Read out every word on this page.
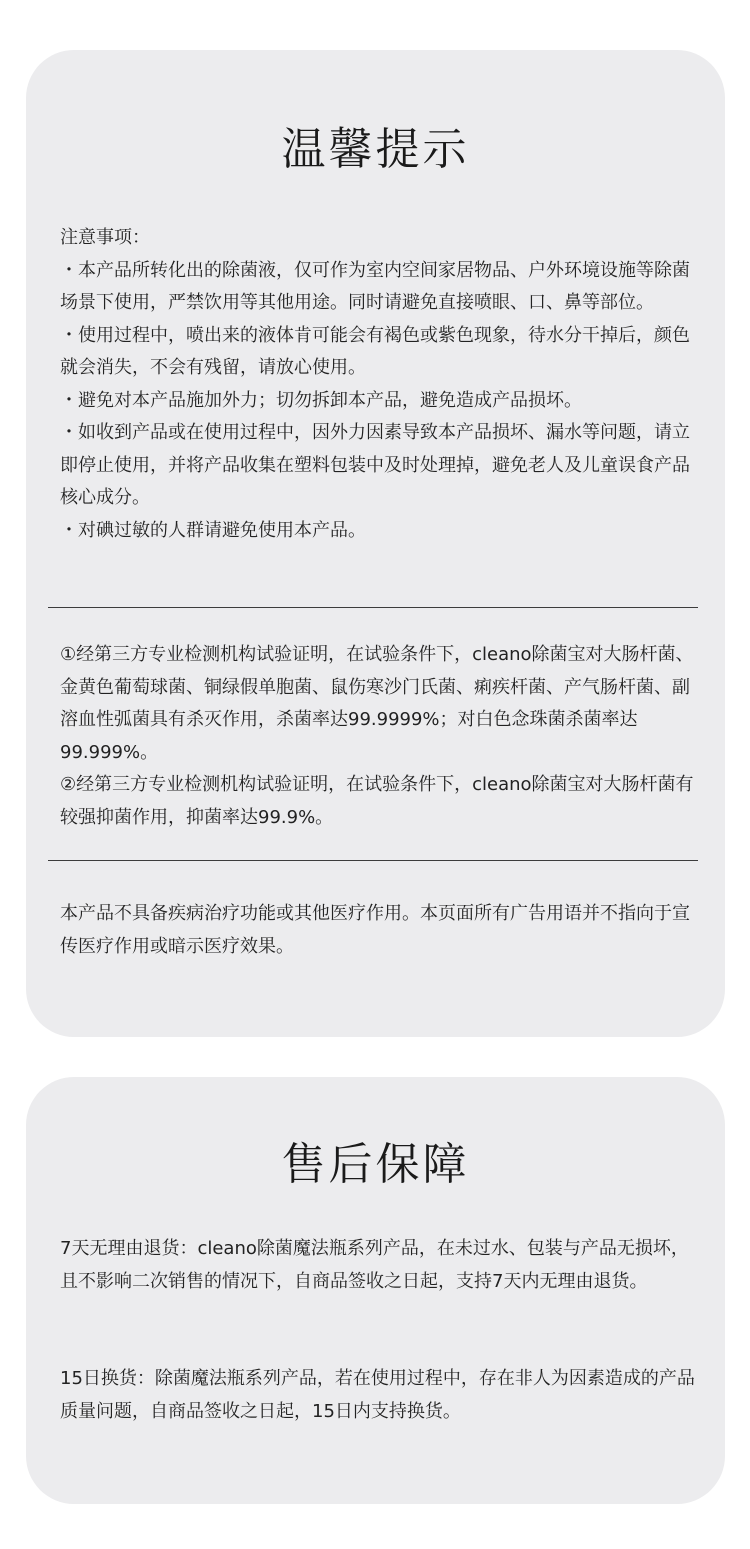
温馨提示

注意事项：

・本产品所转化出的除菌液，仅可作为室内空间家居物品、户外环境设施等除菌场景下使用，严禁饮用等其他用途。同时请避免直接喷眼、口、鼻等部位。

・使用过程中，喷出来的液体肯可能会有褐色或紫色现象，待水分干掉后，颜色就会消失，不会有残留，请放心使用。

・避免对本产品施加外力；切勿拆卸本产品，避免造成产品损坏。

・如收到产品或在使用过程中，因外力因素导致本产品损坏、漏水等问题，请立即停止使用，并将产品收集在塑料包装中及时处理掉，避免老人及儿童误食产品核心成分。

・对碘过敏的人群请避免使用本产品。

①经第三方专业检测机构试验证明，在试验条件下，cleano除菌宝对大肠杆菌、金黄色葡萄球菌、铜绿假单胞菌、鼠伤寒沙门氏菌、痢疾杆菌、产气肠杆菌、副溶血性弧菌具有杀灭作用，杀菌率达99.9999%；对白色念珠菌杀菌率达99.999%。

②经第三方专业检测机构试验证明，在试验条件下，cleano除菌宝对大肠杆菌有较强抑菌作用，抑菌率达99.9%。

本产品不具备疾病治疗功能或其他医疗作用。本页面所有广告用语并不指向于宣传医疗作用或暗示医疗效果。

售后保障

7天无理由退货：cleano除菌魔法瓶系列产品，在未过水、包装与产品无损坏，且不影响二次销售的情况下，自商品签收之日起，支持7天内无理由退货。

15日换货：除菌魔法瓶系列产品，若在使用过程中，存在非人为因素造成的产品质量问题，自商品签收之日起，15日内支持换货。
